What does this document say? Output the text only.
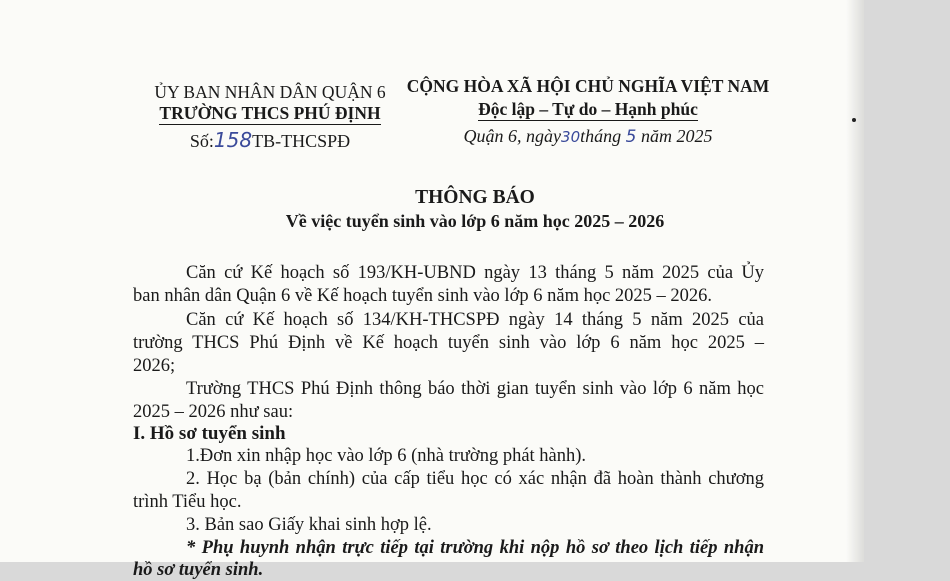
ỦY BAN NHÂN DÂN QUẬN 6
TRƯỜNG THCS PHÚ ĐỊNH
Số:158TB-THCSPĐ
CỘNG HÒA XÃ HỘI CHỦ NGHĨA VIỆT NAM
Độc lập – Tự do – Hạnh phúc
Quận 6, ngày30tháng 5 năm 2025
THÔNG BÁO
Về việc tuyển sinh vào lớp 6 năm học 2025 – 2026
Căn cứ Kế hoạch số 193/KH-UBND ngày 13 tháng 5 năm 2025 của Ủy
ban nhân dân Quận 6 về Kế hoạch tuyển sinh vào lớp 6 năm học 2025 – 2026.
Căn cứ Kế hoạch số 134/KH-THCSPĐ ngày 14 tháng 5 năm 2025 của
trường THCS Phú Định về Kế hoạch tuyển sinh vào lớp 6 năm học 2025 –
2026;
Trường THCS Phú Định thông báo thời gian tuyển sinh vào lớp 6 năm học
2025 – 2026 như sau:
I. Hồ sơ tuyển sinh
1.Đơn xin nhập học vào lớp 6 (nhà trường phát hành).
2. Học bạ (bản chính) của cấp tiểu học có xác nhận đã hoàn thành chương
trình Tiểu học.
3. Bản sao Giấy khai sinh hợp lệ.
* Phụ huynh nhận trực tiếp tại trường khi nộp hồ sơ theo lịch tiếp nhận
hồ sơ tuyển sinh.
